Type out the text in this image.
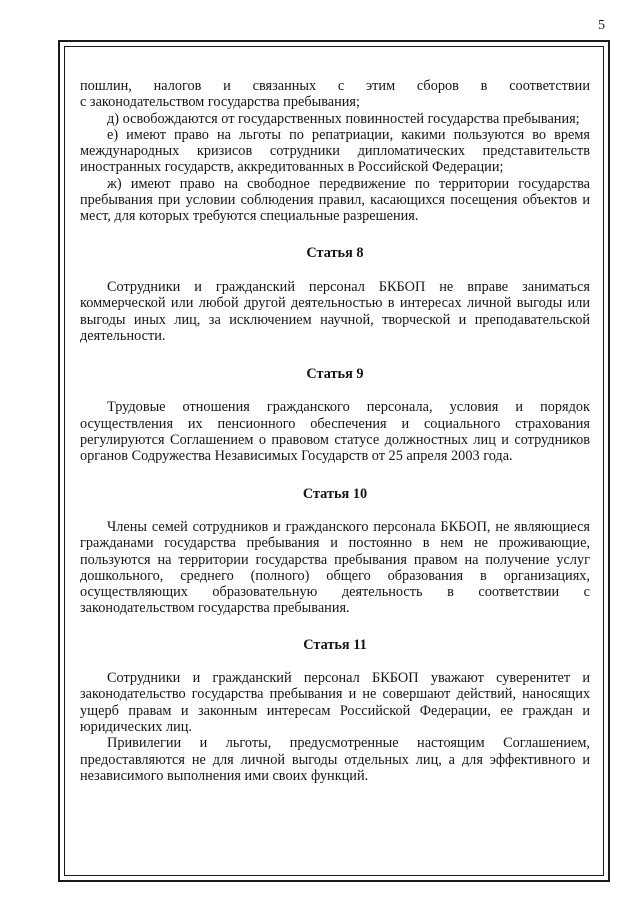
5

пошлин, налогов и связанных с этим сборов в соответствии

с законодательством государства пребывания;

д) освобождаются от государственных повинностей государства пребывания;

е) имеют право на льготы по репатриации, какими пользуются во время международных кризисов сотрудники дипломатических представительств иностранных государств, аккредитованных в Российской Федерации;

ж) имеют право на свободное передвижение по территории государства пребывания при условии соблюдения правил, касающихся посещения объектов и мест, для которых требуются специальные разрешения.

Статья 8

Сотрудники и гражданский персонал БКБОП не вправе заниматься коммерческой или любой другой деятельностью в интересах личной выгоды или выгоды иных лиц, за исключением научной, творческой и преподавательской деятельности.

Статья 9

Трудовые отношения гражданского персонала, условия и порядок осуществления их пенсионного обеспечения и социального страхования регулируются Соглашением о правовом статусе должностных лиц и сотрудников органов Содружества Независимых Государств от 25 апреля 2003 года.

Статья 10

Члены семей сотрудников и гражданского персонала БКБОП, не являющиеся гражданами государства пребывания и постоянно в нем не проживающие, пользуются на территории государства пребывания правом на получение услуг дошкольного, среднего (полного) общего образования в организациях, осуществляющих образовательную деятельность в соответствии с законодательством государства пребывания.

Статья 11

Сотрудники и гражданский персонал БКБОП уважают суверенитет и законодательство государства пребывания и не совершают действий, наносящих ущерб правам и законным интересам Российской Федерации, ее граждан и юридических лиц.

Привилегии и льготы, предусмотренные настоящим Соглашением, предоставляются не для личной выгоды отдельных лиц, а для эффективного и независимого выполнения ими своих функций.
